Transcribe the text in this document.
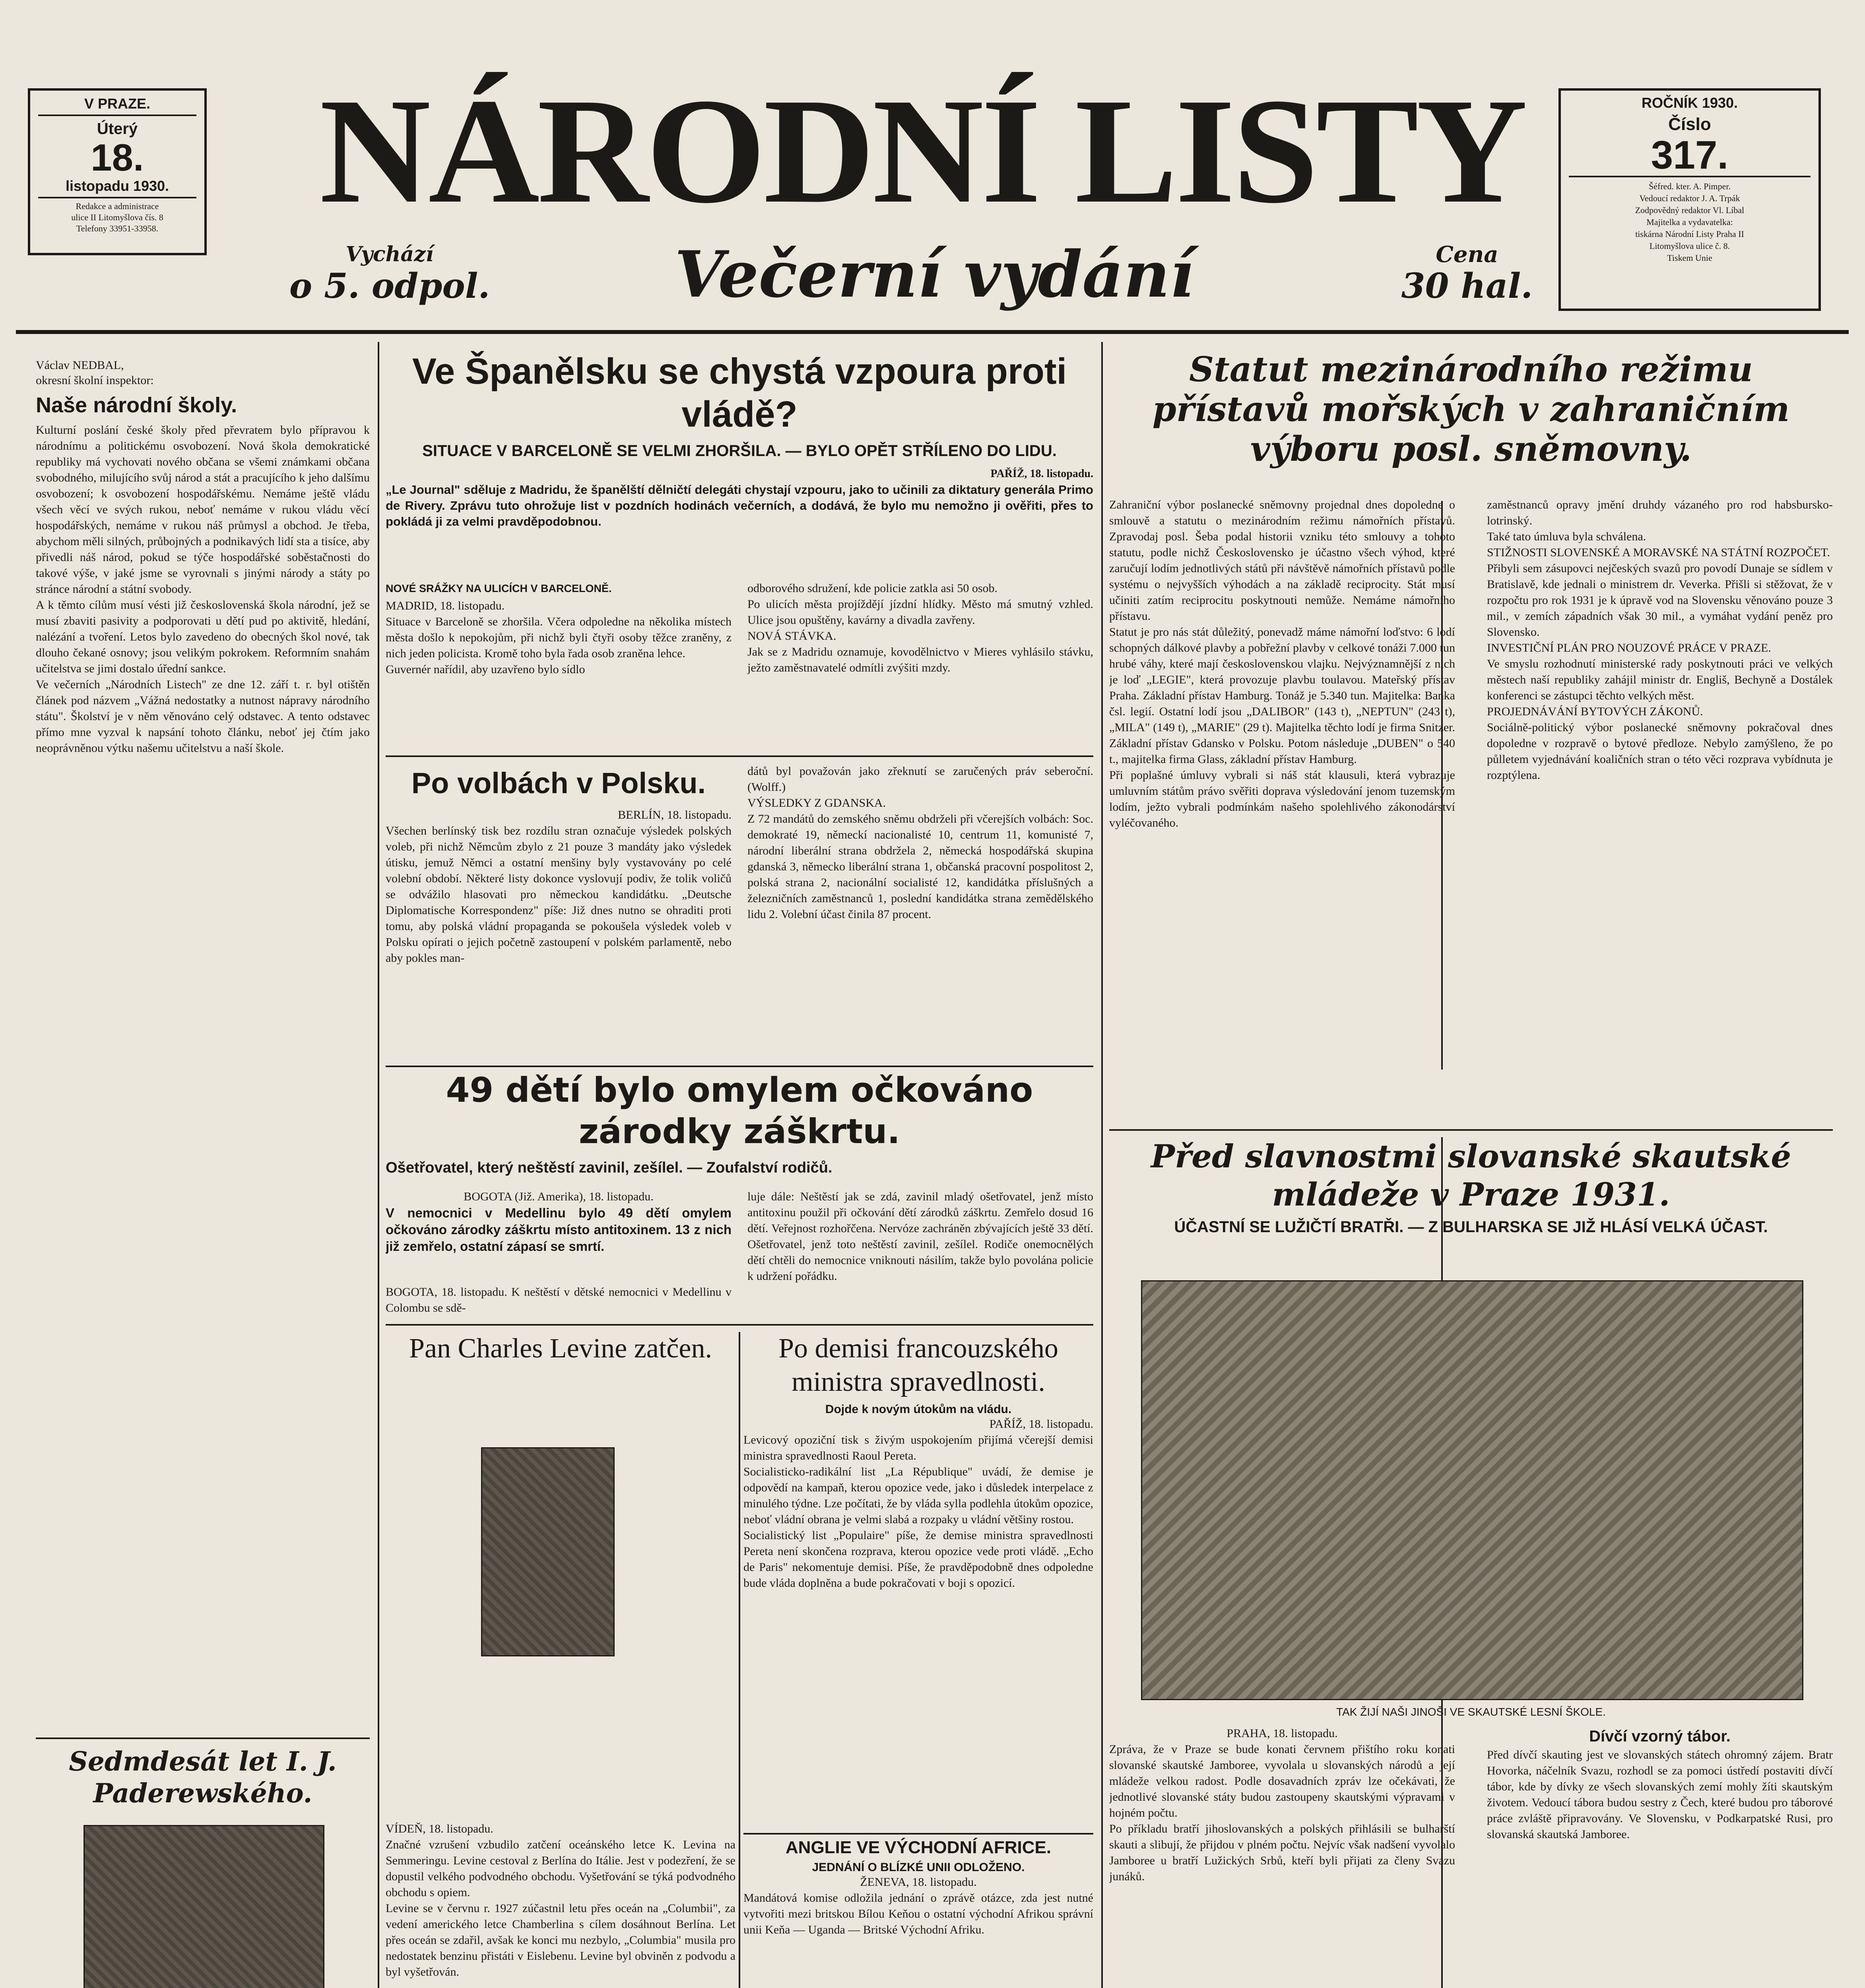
V PRAZE.
Úterý
18.
listopadu 1930.
Redakce a administrace
ulice II Litomyšlova čís. 8
Telefony 33951-33958.	NÁRODNÍ LISTY
Vychází
o 5. odpol.	Večerní vydání	Cena
30 hal.
ROČNÍK 1930.
Číslo
317.
Šéfred. kter. A. Pimper.
Vedoucí redaktor J. A. Trpák
Zodpovědný redaktor Vl. Líbal
Majitelka a vydavatelka:
tiskárna Národní Listy Praha II
Litomyšlova ulice č. 8.
Tiskem Unie
Václav NEDBAL,
okresní školní inspektor:
Naše národní školy.
Kulturní poslání české školy před převratem bylo přípravou k národnímu a politickému osvobození. Nová škola demokratické republiky má vychovati nového občana se všemi známkami občana svobodného, milujícího svůj národ a stát a pracujícího k jeho dalšímu osvobození; k osvobození hospodářskému. Nemáme ještě vládu všech věcí ve svých rukou, neboť nemáme v rukou vládu věcí hospodářských, nemáme v rukou náš průmysl a obchod. Je třeba, abychom měli silných, průbojných a podnikavých lidí sta a tisíce, aby přivedli náš národ, pokud se týče hospodářské soběstačnosti do takové výše, v jaké jsme se vyrovnali s jinými národy a státy po stránce národní a státní svobody.
A k těmto cílům musí vésti již československá škola národní, jež se musí zbaviti pasivity a podporovati u dětí pud po aktivitě, hledání, nalézání a tvoření. Letos bylo zavedeno do obecných škol nové, tak dlouho čekané osnovy; jsou velikým pokrokem. Reformním snahám učitelstva se jimi dostalo úřední sankce.
Ve večerních „Národních Listech" ze dne 12. září t. r. byl otištěn článek pod názvem „Vážná nedostatky a nutnost nápravy národního státu". Školství je v něm věnováno celý odstavec. A tento odstavec přímo mne vyzval k napsání tohoto článku, neboť jej čtím jako neoprávněnou výtku našemu učitelstvu a naší škole.
Sedmdesát let I. J. Paderewského.
Ve Španělsku se chystá vzpoura proti vládě?
SITUACE V BARCELONĚ SE VELMI ZHORŠILA. — BYLO OPĚT STŘÍLENO DO LIDU.
PAŘÍŽ, 18. listopadu.
„Le Journal" sděluje z Madridu, že španělští dělničtí delegáti chystají vzpouru, jako to učinili za diktatury generála Primo de Rivery. Zprávu tuto ohrožuje list v pozdních hodinách večerních, a dodává, že bylo mu nemožno ji ověřiti, přes to pokládá ji za velmi pravděpodobnou.
NOVÉ SRÁŽKY NA ULICÍCH V BARCELONĚ.
MADRID, 18. listopadu.
Situace v Barceloně se zhoršila. Včera odpoledne na několika místech města došlo k nepokojům, při nichž byli čtyři osoby těžce zraněny, z nich jeden policista. Kromě toho byla řada osob zraněna lehce.
Guvernér nařídil, aby uzavřeno bylo sídlo
odborového sdružení, kde policie zatkla asi 50 osob.
Po ulicích města projíždějí jízdní hlídky. Město má smutný vzhled. Ulice jsou opuštěny, kavárny a divadla zavřeny.
NOVÁ STÁVKA.
Jak se z Madridu oznamuje, kovodělnictvo v Mieres vyhlásilo stávku, ježto zaměstnavatelé odmítli zvýšiti mzdy.
Po volbách v Polsku.
BERLÍN, 18. listopadu.
Všechen berlínský tisk bez rozdílu stran označuje výsledek polských voleb, při nichž Němcům zbylo z 21 pouze 3 mandáty jako výsledek útisku, jemuž Němci a ostatní menšiny byly vystavovány po celé volební období. Některé listy dokonce vyslovují podiv, že tolik voličů se odvážilo hlasovati pro německou kandidátku. „Deutsche Diplomatische Korrespondenz" píše: Již dnes nutno se ohraditi proti tomu, aby polská vládní propaganda se pokoušela výsledek voleb v Polsku opírati o jejich početně zastoupení v polském parlamentě, nebo aby pokles man-
dátů byl považován jako zřeknutí se zaručených práv seberoční. (Wolff.)
VÝSLEDKY Z GDANSKA.
Z 72 mandátů do zemského sněmu obdrželi při včerejších volbách: Soc. demokraté 19, německí nacionalisté 10, centrum 11, komunisté 7, národní liberální strana obdržela 2, německá hospodářská skupina gdanská 3, německo liberální strana 1, občanská pracovní pospolitost 2, polská strana 2, nacionální socialisté 12, kandidátka příslušných a železničních zaměstnanců 1, poslední kandidátka strana zemědělského lidu 2. Volební účast činila 87 procent.
49 dětí bylo omylem očkováno zárodky záškrtu.
Ošetřovatel, který neštěstí zavinil, zešílel. — Zoufalství rodičů.
BOGOTA (Již. Amerika), 18. listopadu.
V nemocnici v Medellinu bylo 49 dětí omylem očkováno zárodky záškrtu místo antitoxinem. 13 z nich již zemřelo, ostatní zápasí se smrtí.
BOGOTA, 18. listopadu. K neštěstí v dětské nemocnici v Medellinu v Colombu se sdě-
luje dále: Neštěstí jak se zdá, zavinil mladý ošetřovatel, jenž místo antitoxinu použil při očkování dětí zárodků záškrtu. Zemřelo dosud 16 dětí. Veřejnost rozhořčena. Nervóze zachráněn zbývajících ještě 33 dětí. Ošetřovatel, jenž toto neštěstí zavinil, zešílel. Rodiče onemocnělých dětí chtěli do nemocnice vniknouti násilím, takže bylo povolána policie k udržení pořádku.
Pan Charles Levine zatčen.
VÍDEŇ, 18. listopadu.
Značné vzrušení vzbudilo zatčení oceánského letce K. Levina na Semmeringu. Levine cestoval z Berlína do Itálie. Jest v podezření, že se dopustil velkého podvodného obchodu. Vyšetřování se týká podvodného obchodu s opiem.
Levine se v červnu r. 1927 zúčastnil letu přes oceán na „Columbii", za vedení amerického letce Chamberlina s cílem dosáhnout Berlína. Let přes oceán se zdařil, avšak ke konci mu nezbylo, „Columbia" musila pro nedostatek benzinu přistáti v Eislebenu. Levine byl obviněn z podvodu a byl vyšetřován.
Po demisi francouzského ministra spravedlnosti.
Dojde k novým útokům na vládu.
PAŘÍŽ, 18. listopadu.
Levicový opoziční tisk s živým uspokojením přijímá včerejší demisi ministra spravedlnosti Raoul Pereta.
Socialisticko-radikální list „La République" uvádí, že demise je odpovědí na kampaň, kterou opozice vede, jako i důsledek interpelace z minulého týdne. Lze počítati, že by vláda sylla podlehla útokům opozice, neboť vládní obrana je velmi slabá a rozpaky u vládní většiny rostou.
Socialistický list „Populaire" píše, že demise ministra spravedlnosti Pereta není skončena rozprava, kterou opozice vede proti vládě. „Echo de Paris" nekomentuje demisi. Píše, že pravděpodobně dnes odpoledne bude vláda doplněna a bude pokračovati v boji s opozicí.
ANGLIE VE VÝCHODNÍ AFRICE.
JEDNÁNÍ O BLÍZKÉ UNII ODLOŽENO.
ŽENEVA, 18. listopadu.
Mandátová komise odložila jednání o zprávě otázce, zda jest nutné vytvořiti mezi britskou Bílou Keňou o ostatní východní Afrikou správní unii Keňa — Uganda — Britské Východní Afriku.
Statut mezinárodního režimu přístavů mořských v zahraničním výboru posl. sněmovny.
Zahraniční výbor poslanecké sněmovny projednal dnes dopoledne o smlouvě a statutu o mezinárodním režimu námořních přístavů. Zpravodaj posl. Šeba podal historii vzniku této smlouvy a tohoto statutu, podle nichž Československo je účastno všech výhod, které zaručují lodím jednotlivých států při návštěvě námořních přístavů podle systému o nejvyšších výhodách a na základě reciprocity. Stát musí učiniti zatím reciprocitu poskytnouti nemůže. Nemáme námořního přístavu.
Statut je pro nás stát důležitý, ponevadž máme námořní loďstvo: 6 lodí schopných dálkové plavby a pobřežní plavby v celkové tonáži 7.000 tun hrubé váhy, které mají československou vlajku. Nejvýznamnější z nich je loď „LEGIE", která provozuje plavbu toulavou. Mateřský přístav Praha. Základní přístav Hamburg. Tonáž je 5.340 tun. Majitelka: Banka čsl. legií. Ostatní lodí jsou „DALIBOR" (143 t), „NEPTUN" (243 t), „MILA" (149 t), „MARIE" (29 t). Majitelka těchto lodí je firma Snitzer. Základní přístav Gdansko v Polsku. Potom následuje „DUBEN" o 540 t., majitelka firma Glass, základní přístav Hamburg.
Při poplašné úmluvy vybrali si náš stát klausuli, která vybrazuje umluvním státům právo svěřiti doprava výsledování jenom tuzemským lodím, ježto vybrali podmínkám našeho spolehlivého zákonodárství vyléčovaného.
zaměstnanců opravy jmění druhdy vázaného pro rod habsbursko-lotrinský.
Také tato úmluva byla schválena.
STIŽNOSTI SLOVENSKÉ A MORAVSKÉ NA STÁTNÍ ROZPOČET.
Přibyli sem zásupovci nejčeských svazů pro povodí Dunaje se sídlem v Bratislavě, kde jednali o ministrem dr. Veverka. Přišli si stěžovat, že v rozpočtu pro rok 1931 je k úpravě vod na Slovensku věnováno pouze 3 mil., v zemích západních však 30 mil., a vymáhat vydání peněz pro Slovensko.
INVESTIČNÍ PLÁN PRO NOUZOVÉ PRÁCE V PRAZE.
Ve smyslu rozhodnutí ministerské rady poskytnouti práci ve velkých městech naší republiky zahájil ministr dr. Engliš, Bechyně a Dostálek konferenci se zástupci těchto velkých měst.
PROJEDNÁVÁNÍ BYTOVÝCH ZÁKONŮ.
Sociálně-politický výbor poslanecké sněmovny pokračoval dnes dopoledne v rozpravě o bytové předloze. Nebylo zamýšleno, že po půlletem vyjednávání koaličních stran o této věci rozprava vybídnuta je rozptýlena.
Před slavnostmi slovanské skautské mládeže v Praze 1931.
ÚČASTNÍ SE LUŽIČTÍ BRATŘI. — Z BULHARSKA SE JIŽ HLÁSÍ VELKÁ ÚČAST.
TAK ŽIJÍ NAŠI JINOŠI VE SKAUTSKÉ LESNÍ ŠKOLE.
PRAHA, 18. listopadu.
Zpráva, že v Praze se bude konati červnem přištího roku konati slovanské skautské Jamboree, vyvolala u slovanských národů a její mládeže velkou radost. Podle dosavadních zpráv lze očekávati, že jednotlivé slovanské státy budou zastoupeny skautskými výpravami v hojném počtu.
Po příkladu bratří jihoslovanských a polských přihlásili se bulharští skauti a slibují, že přijdou v plném počtu. Nejvíc však nadšení vyvolalo Jamboree u bratří Lužických Srbů, kteří byli přijati za členy Svazu junáků.
Dívčí vzorný tábor.
Před dívčí skauting jest ve slovanských státech ohromný zájem. Bratr Hovorka, náčelník Svazu, rozhodl se za pomoci ústředí postaviti dívčí tábor, kde by dívky ze všech slovanských zemí mohly žíti skautským životem. Vedoucí tábora budou sestry z Čech, které budou pro táborové práce zvláště připravovány. Ve Slovensku, v Podkarpatské Rusi, pro slovanská skautská Jamboree.
